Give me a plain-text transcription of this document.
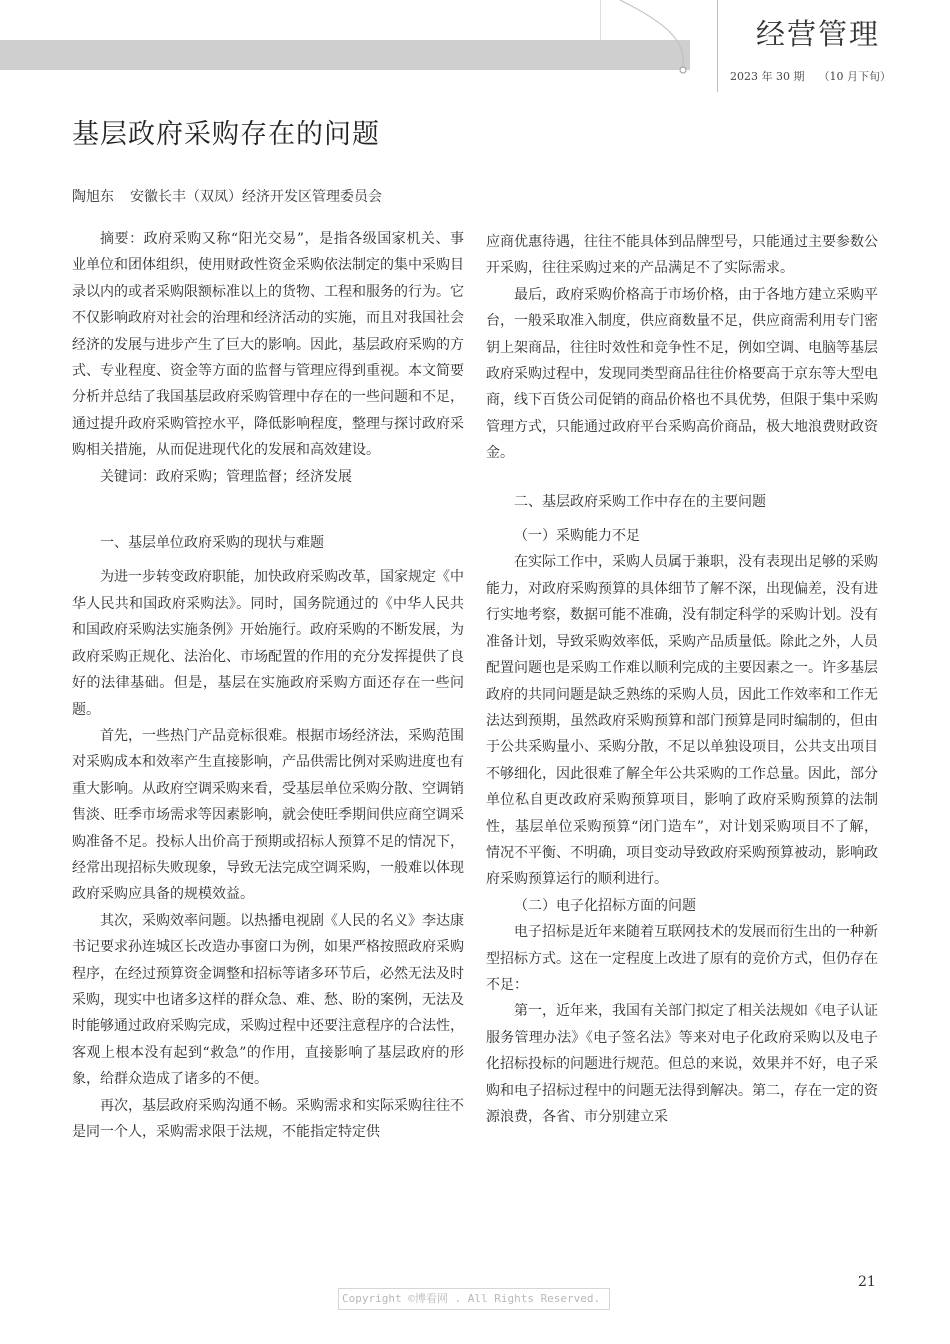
经营管理
2023 年 30 期 （10 月下旬）
基层政府采购存在的问题
陶旭东 安徽长丰（双凤）经济开发区管理委员会

摘要：政府采购又称“阳光交易”，是指各级国家机关、事业单位和团体组织，使用财政性资金采购依法制定的集中采购目录以内的或者采购限额标准以上的货物、工程和服务的行为。它不仅影响政府对社会的治理和经济活动的实施，而且对我国社会经济的发展与进步产生了巨大的影响。因此，基层政府采购的方式、专业程度、资金等方面的监督与管理应得到重视。本文简要分析并总结了我国基层政府采购管理中存在的一些问题和不足，通过提升政府采购管控水平，降低影响程度，整理与探讨政府采购相关措施，从而促进现代化的发展和高效建设。

关键词：政府采购；管理监督；经济发展

一、基层单位政府采购的现状与难题

为进一步转变政府职能，加快政府采购改革，国家规定《中华人民共和国政府采购法》。同时，国务院通过的《中华人民共和国政府采购法实施条例》开始施行。政府采购的不断发展，为政府采购正规化、法治化、市场配置的作用的充分发挥提供了良好的法律基础。但是，基层在实施政府采购方面还存在一些问题。

首先，一些热门产品竞标很难。根据市场经济法，采购范围对采购成本和效率产生直接影响，产品供需比例对采购进度也有重大影响。从政府空调采购来看，受基层单位采购分散、空调销售淡、旺季市场需求等因素影响，就会使旺季期间供应商空调采购准备不足。投标人出价高于预期或招标人预算不足的情况下，经常出现招标失败现象，导致无法完成空调采购，一般难以体现政府采购应具备的规模效益。

其次，采购效率问题。以热播电视剧《人民的名义》李达康书记要求孙连城区长改造办事窗口为例，如果严格按照政府采购程序，在经过预算资金调整和招标等诸多环节后，必然无法及时采购，现实中也诸多这样的群众急、难、愁、盼的案例，无法及时能够通过政府采购完成，采购过程中还要注意程序的合法性，客观上根本没有起到“救急”的作用，直接影响了基层政府的形象，给群众造成了诸多的不便。

再次，基层政府采购沟通不畅。采购需求和实际采购往往不是同一个人，采购需求限于法规，不能指定特定供

应商优惠待遇，往往不能具体到品牌型号，只能通过主要参数公开采购，往往采购过来的产品满足不了实际需求。

最后，政府采购价格高于市场价格，由于各地方建立采购平台，一般采取准入制度，供应商数量不足，供应商需利用专门密钥上架商品，往往时效性和竞争性不足，例如空调、电脑等基层政府采购过程中，发现同类型商品往往价格要高于京东等大型电商，线下百货公司促销的商品价格也不具优势，但限于集中采购管理方式，只能通过政府平台采购高价商品，极大地浪费财政资金。

二、基层政府采购工作中存在的主要问题

（一）采购能力不足

在实际工作中，采购人员属于兼职，没有表现出足够的采购能力，对政府采购预算的具体细节了解不深，出现偏差，没有进行实地考察，数据可能不准确，没有制定科学的采购计划。没有准备计划，导致采购效率低，采购产品质量低。除此之外，人员配置问题也是采购工作难以顺利完成的主要因素之一。许多基层政府的共同问题是缺乏熟练的采购人员，因此工作效率和工作无法达到预期，虽然政府采购预算和部门预算是同时编制的，但由于公共采购量小、采购分散，不足以单独设项目，公共支出项目不够细化，因此很难了解全年公共采购的工作总量。因此，部分单位私自更改政府采购预算项目，影响了政府采购预算的法制性，基层单位采购预算“闭门造车”，对计划采购项目不了解，情况不平衡、不明确，项目变动导致政府采购预算被动，影响政府采购预算运行的顺利进行。

（二）电子化招标方面的问题

电子招标是近年来随着互联网技术的发展而衍生出的一种新型招标方式。这在一定程度上改进了原有的竞价方式，但仍存在不足：

第一，近年来，我国有关部门拟定了相关法规如《电子认证服务管理办法》《电子签名法》等来对电子化政府采购以及电子化招标投标的问题进行规范。但总的来说，效果并不好，电子采购和电子招标过程中的问题无法得到解决。第二，存在一定的资源浪费，各省、市分别建立采

21
Copyright ©博看网 . All Rights Reserved.
